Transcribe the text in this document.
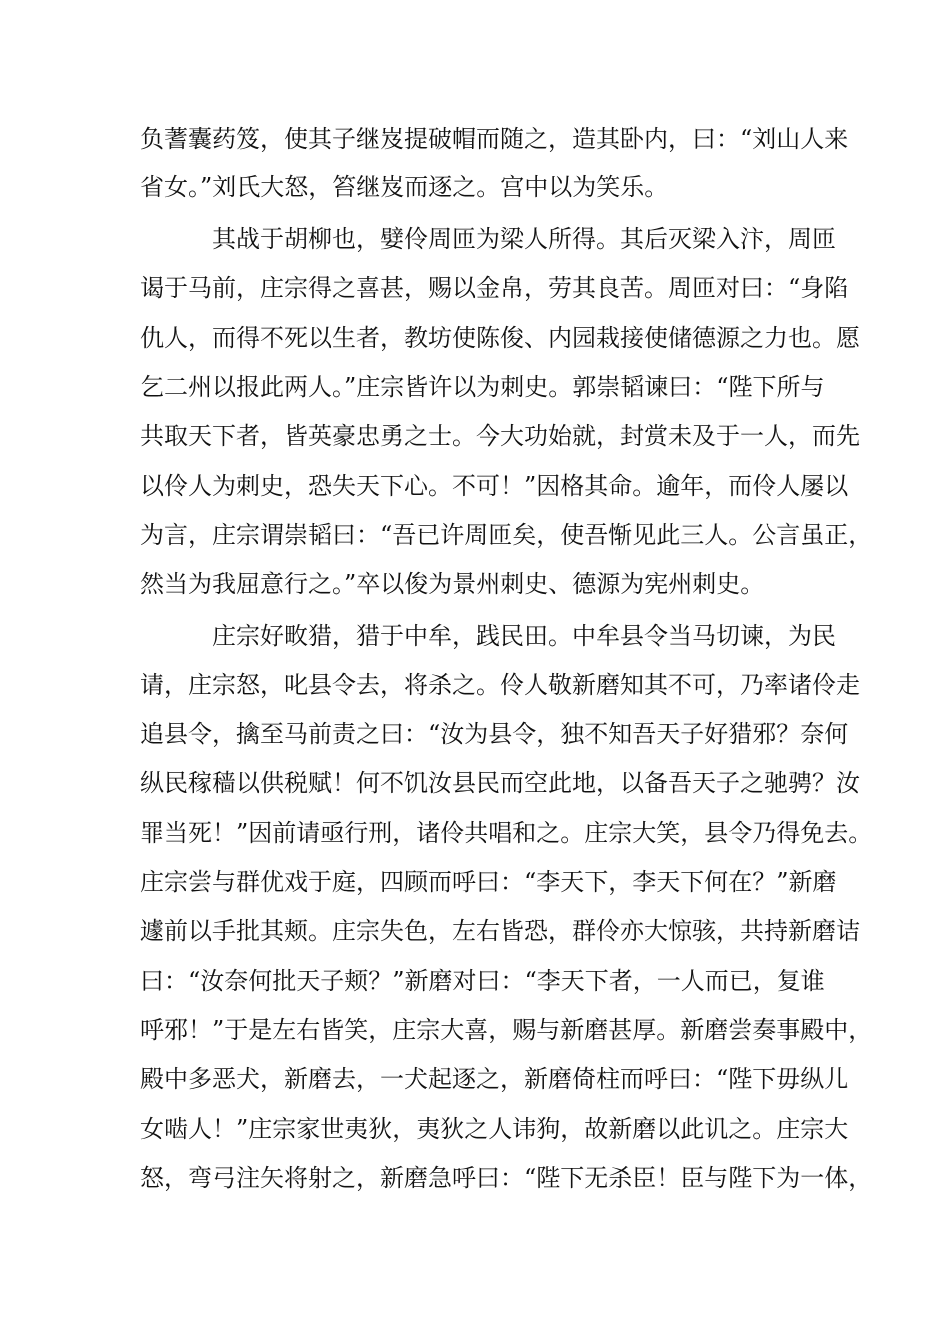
负蓍囊药笈，使其子继岌提破帽而随之，造其卧内，曰：“刘山人来
省女。”刘氏大怒，笞继岌而逐之。宫中以为笑乐。
其战于胡柳也，嬖伶周匝为梁人所得。其后灭梁入汴，周匝
谒于马前，庄宗得之喜甚，赐以金帛，劳其良苦。周匝对曰：“身陷
仇人，而得不死以生者，教坊使陈俊、内园栽接使储德源之力也。愿
乞二州以报此两人。”庄宗皆许以为刺史。郭崇韬谏曰：“陛下所与
共取天下者，皆英豪忠勇之士。今大功始就，封赏未及于一人，而先
以伶人为刺史，恐失天下心。不可！”因格其命。逾年，而伶人屡以
为言，庄宗谓崇韬曰：“吾已许周匝矣，使吾惭见此三人。公言虽正，
然当为我屈意行之。”卒以俊为景州刺史、德源为宪州刺史。
庄宗好畋猎，猎于中牟，践民田。中牟县令当马切谏，为民
请，庄宗怒，叱县令去，将杀之。伶人敬新磨知其不可，乃率诸伶走
追县令，擒至马前责之曰：“汝为县令，独不知吾天子好猎邪？奈何
纵民稼穑以供税赋！何不饥汝县民而空此地，以备吾天子之驰骋？汝
罪当死！”因前请亟行刑，诸伶共唱和之。庄宗大笑，县令乃得免去。
庄宗尝与群优戏于庭，四顾而呼曰：“李天下，李天下何在？”新磨
遽前以手批其颊。庄宗失色，左右皆恐，群伶亦大惊骇，共持新磨诘
曰：“汝奈何批天子颊？”新磨对曰：“李天下者，一人而已，复谁
呼邪！”于是左右皆笑，庄宗大喜，赐与新磨甚厚。新磨尝奏事殿中，
殿中多恶犬，新磨去，一犬起逐之，新磨倚柱而呼曰：“陛下毋纵儿
女啮人！”庄宗家世夷狄，夷狄之人讳狗，故新磨以此讥之。庄宗大
怒，弯弓注矢将射之，新磨急呼曰：“陛下无杀臣！臣与陛下为一体，
